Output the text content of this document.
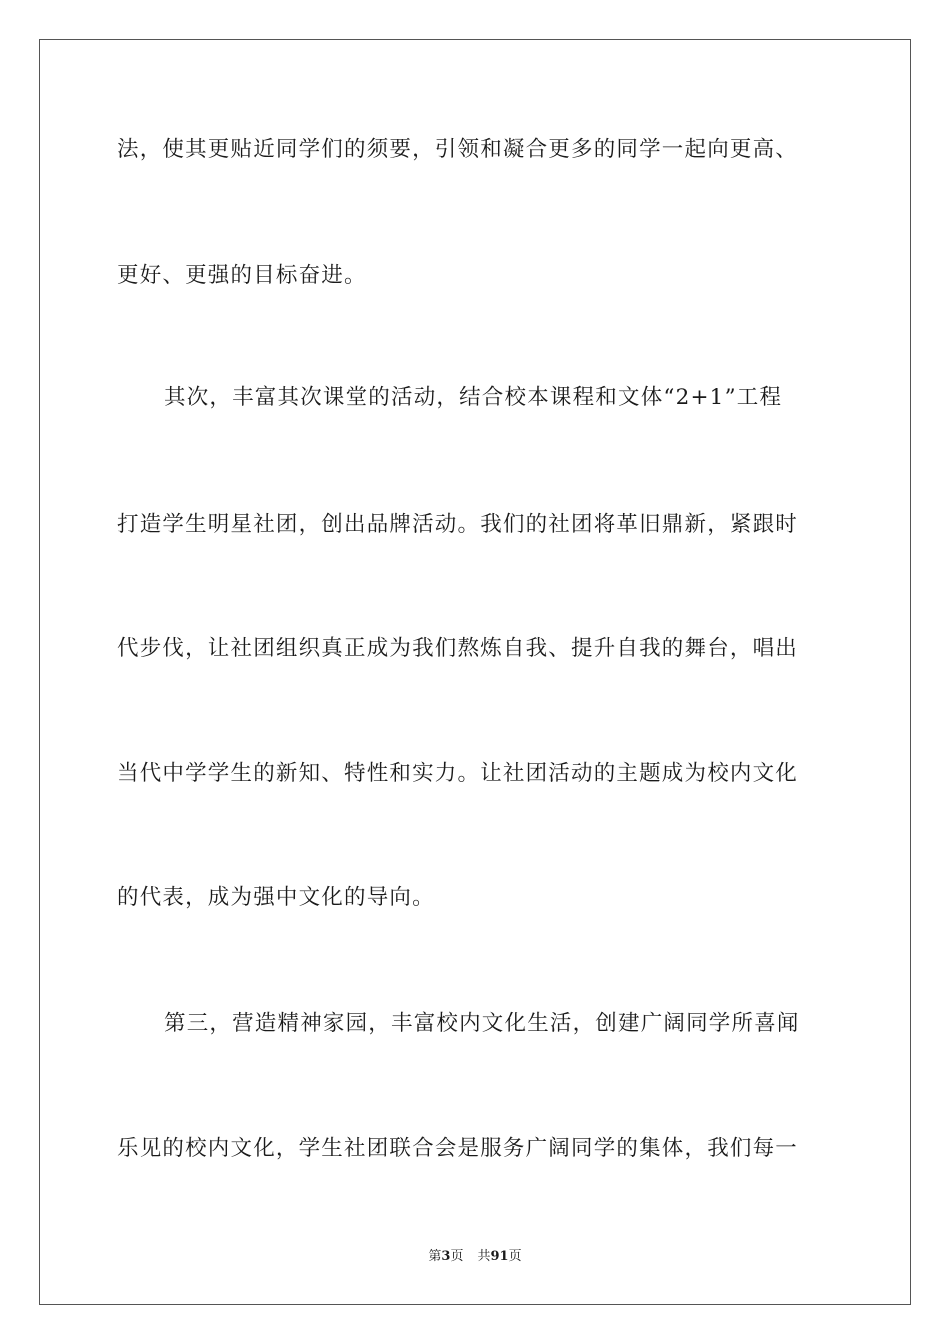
法，使其更贴近同学们的须要，引领和凝合更多的同学一起向更高、
更好、更强的目标奋进。
其次，丰富其次课堂的活动，结合校本课程和文体“2+1”工程
打造学生明星社团，创出品牌活动。我们的社团将革旧鼎新，紧跟时
代步伐，让社团组织真正成为我们熬炼自我、提升自我的舞台，唱出
当代中学学生的新知、特性和实力。让社团活动的主题成为校内文化
的代表，成为强中文化的导向。
第三，营造精神家园，丰富校内文化生活，创建广阔同学所喜闻
乐见的校内文化，学生社团联合会是服务广阔同学的集体，我们每一
第3页 共91页
